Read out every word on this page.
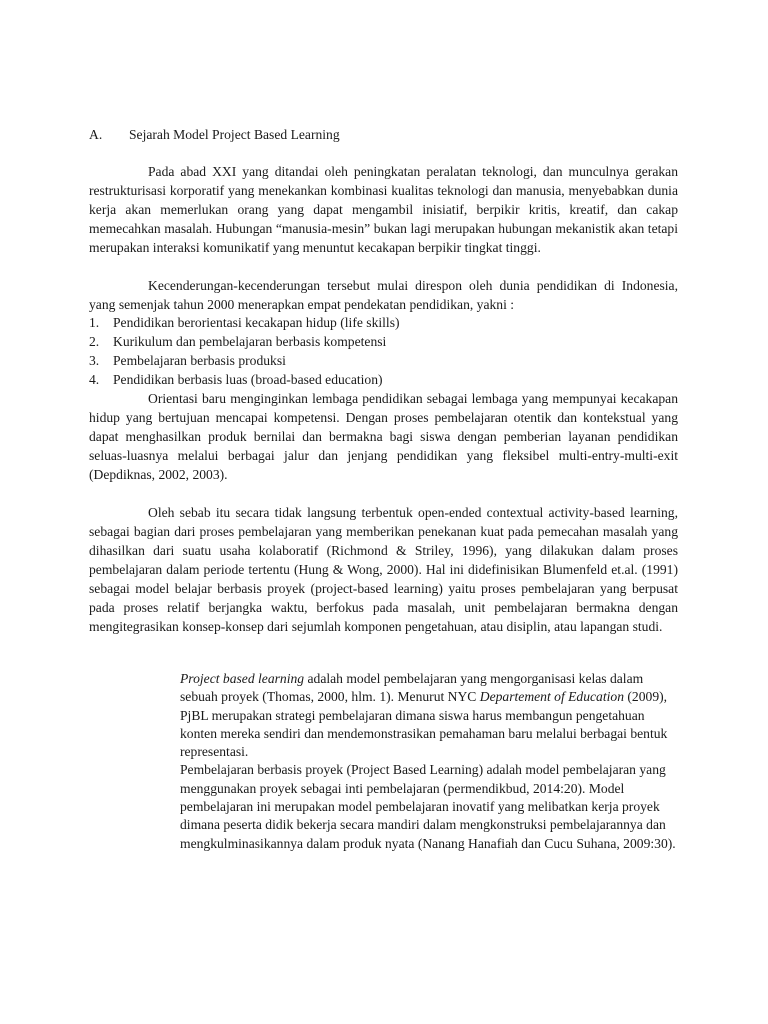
A. Sejarah Model Project Based Learning

Pada abad XXI yang ditandai oleh peningkatan peralatan teknologi, dan munculnya gerakan restrukturisasi korporatif yang menekankan kombinasi kualitas teknologi dan manusia, menyebabkan dunia kerja akan memerlukan orang yang dapat mengambil inisiatif, berpikir kritis, kreatif, dan cakap memecahkan masalah. Hubungan “manusia-mesin” bukan lagi merupakan hubungan mekanistik akan tetapi merupakan interaksi komunikatif yang menuntut kecakapan berpikir tingkat tinggi.

Kecenderungan-kecenderungan tersebut mulai direspon oleh dunia pendidikan di Indonesia, yang semenjak tahun 2000 menerapkan empat pendekatan pendidikan, yakni :

1.	Pendidikan berorientasi kecakapan hidup (life skills)
2.	Kurikulum dan pembelajaran berbasis kompetensi
3.	Pembelajaran berbasis produksi
4.	Pendidikan berbasis luas (broad-based education)

Orientasi baru menginginkan lembaga pendidikan sebagai lembaga yang mempunyai kecakapan hidup yang bertujuan mencapai kompetensi. Dengan proses pembelajaran otentik dan kontekstual yang dapat menghasilkan produk bernilai dan bermakna bagi siswa dengan pemberian layanan pendidikan seluas-luasnya melalui berbagai jalur dan jenjang pendidikan yang fleksibel multi-entry-multi-exit (Depdiknas, 2002, 2003).

Oleh sebab itu secara tidak langsung terbentuk open-ended contextual activity-based learning, sebagai bagian dari proses pembelajaran yang memberikan penekanan kuat pada pemecahan masalah yang dihasilkan dari suatu usaha kolaboratif (Richmond & Striley, 1996), yang dilakukan dalam proses pembelajaran dalam periode tertentu (Hung & Wong, 2000). Hal ini didefinisikan Blumenfeld et.al. (1991) sebagai model belajar berbasis proyek (project-based learning) yaitu proses pembelajaran yang berpusat pada proses relatif berjangka waktu, berfokus pada masalah, unit pembelajaran bermakna dengan mengitegrasikan konsep-konsep dari sejumlah komponen pengetahuan, atau disiplin, atau lapangan studi.

Project based learning adalah model pembelajaran yang mengorganisasi kelas dalam sebuah proyek (Thomas, 2000, hlm. 1). Menurut NYC Departement of Education (2009), PjBL merupakan strategi pembelajaran dimana siswa harus membangun pengetahuan konten mereka sendiri dan mendemonstrasikan pemahaman baru melalui berbagai bentuk representasi.

Pembelajaran berbasis proyek (Project Based Learning) adalah model pembelajaran yang menggunakan proyek sebagai inti pembelajaran (permendikbud, 2014:20). Model pembelajaran ini merupakan model pembelajaran inovatif yang melibatkan kerja proyek dimana peserta didik bekerja secara mandiri dalam mengkonstruksi pembelajarannya dan mengkulminasikannya dalam produk nyata (Nanang Hanafiah dan Cucu Suhana, 2009:30).
